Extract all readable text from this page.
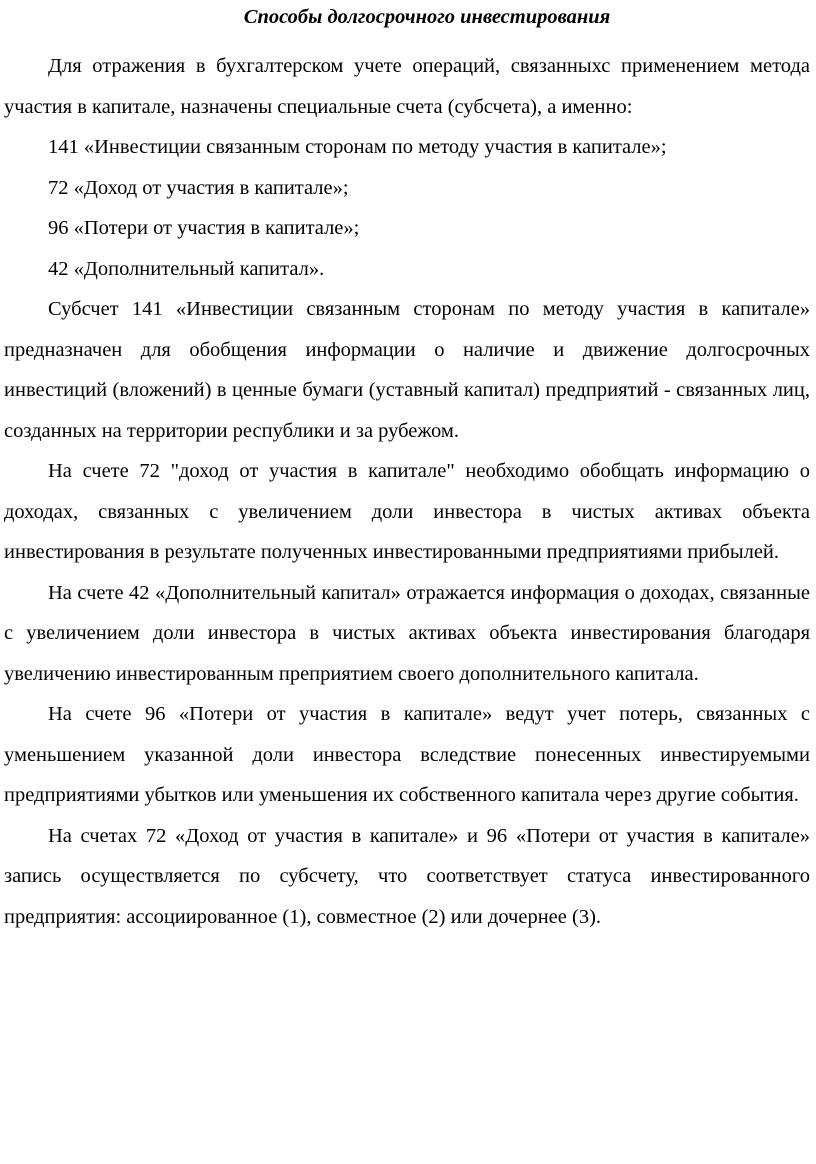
Способы долгосрочного инвестирования

Для отражения в бухгалтерском учете операций, связанныхс применением метода участия в капитале, назначены специальные счета (субсчета), а именно:

141 «Инвестиции связанным сторонам по методу участия в капитале»;

72 «Доход от участия в капитале»;

96 «Потери от участия в капитале»;

42 «Дополнительный капитал».

Субсчет 141 «Инвестиции связанным сторонам по методу участия в капитале» предназначен для обобщения информации о наличие и движение долгосрочных инвестиций (вложений) в ценные бумаги (уставный капитал) предприятий - связанных лиц, созданных на территории республики и за рубежом.

На счете 72 "доход от участия в капитале" необходимо обобщать информацию о доходах, связанных с увеличением доли инвестора в чистых активах объекта инвестирования в результате полученных инвестированными предприятиями прибылей.

На счете 42 «Дополнительный капитал» отражается информация о доходах, связанные с увеличением доли инвестора в чистых активах объекта инвестирования благодаря увеличению инвестированным преприятием своего дополнительного капитала.

На счете 96 «Потери от участия в капитале» ведут учет потерь, связанных с уменьшением указанной доли инвестора вследствие понесенных инвестируемыми предприятиями убытков или уменьшения их собственного капитала через другие события.

На счетах 72 «Доход от участия в капитале» и 96 «Потери от участия в капитале» запись осуществляется по субсчету, что соответствует статуса инвестированного предприятия: ассоциированное (1), совместное (2) или дочернее (3).
